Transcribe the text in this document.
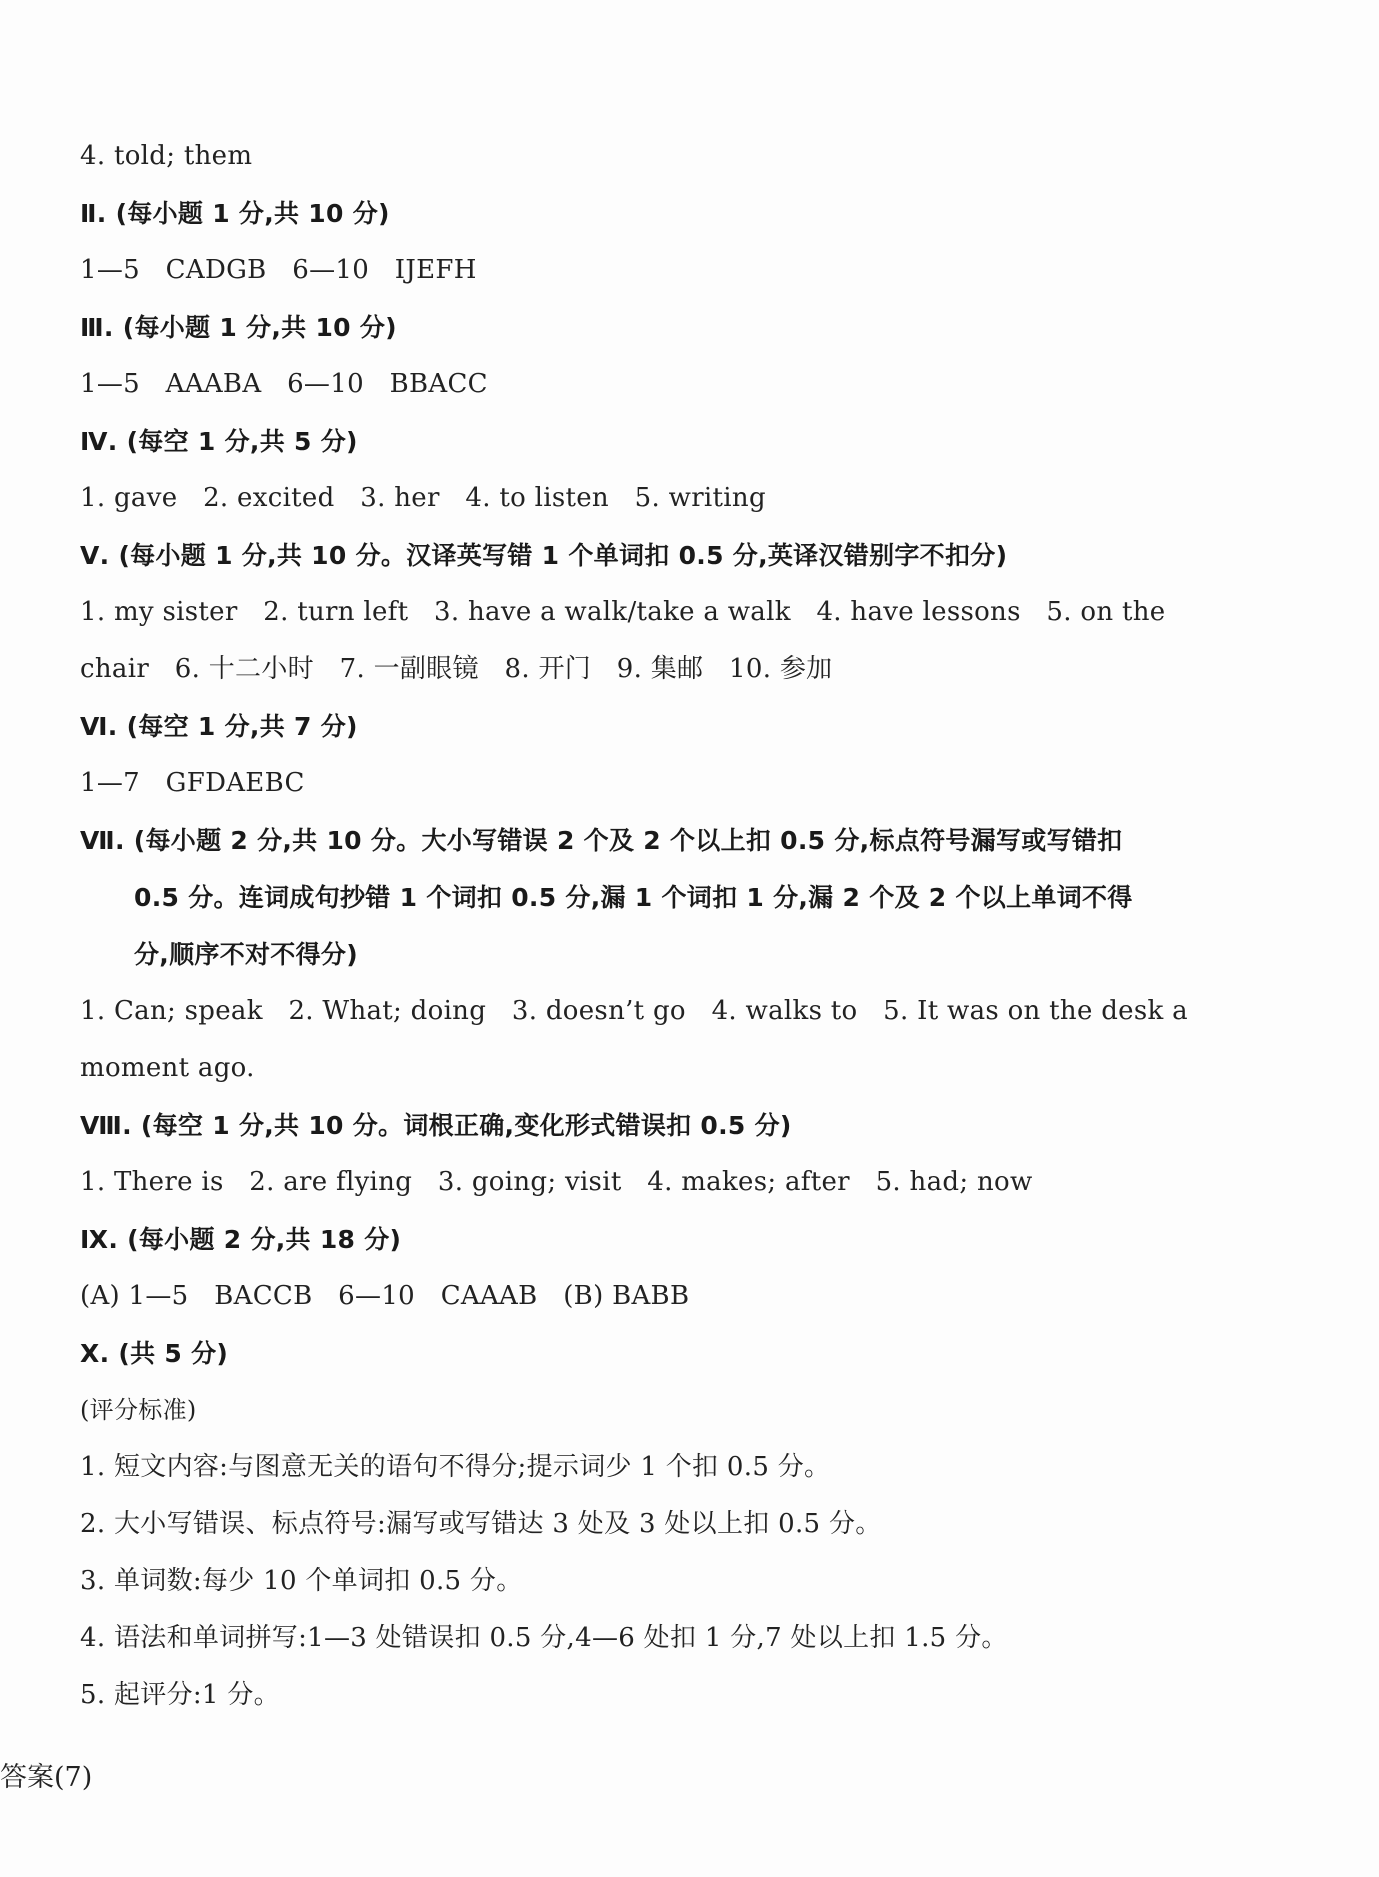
4. told; them
Ⅱ. (每小题 1 分,共 10 分)
1—5   CADGB   6—10   IJEFH
Ⅲ. (每小题 1 分,共 10 分)
1—5   AAABA   6—10   BBACC
Ⅳ. (每空 1 分,共 5 分)
1. gave   2. excited   3. her   4. to listen   5. writing
Ⅴ. (每小题 1 分,共 10 分。汉译英写错 1 个单词扣 0.5 分,英译汉错别字不扣分)
1. my sister   2. turn left   3. have a walk/take a walk   4. have lessons   5. on the
chair   6. 十二小时   7. 一副眼镜   8. 开门   9. 集邮   10. 参加
Ⅵ. (每空 1 分,共 7 分)
1—7   GFDAEBC
Ⅶ. (每小题 2 分,共 10 分。大小写错误 2 个及 2 个以上扣 0.5 分,标点符号漏写或写错扣
0.5 分。连词成句抄错 1 个词扣 0.5 分,漏 1 个词扣 1 分,漏 2 个及 2 个以上单词不得
分,顺序不对不得分)
1. Can; speak   2. What; doing   3. doesn’t go   4. walks to   5. It was on the desk a
moment ago.
Ⅷ. (每空 1 分,共 10 分。词根正确,变化形式错误扣 0.5 分)
1. There is   2. are flying   3. going; visit   4. makes; after   5. had; now
Ⅸ. (每小题 2 分,共 18 分)
(A) 1—5   BACCB   6—10   CAAAB   (B) BABB
Ⅹ. (共 5 分)
(评分标准)
1. 短文内容:与图意无关的语句不得分;提示词少 1 个扣 0.5 分。
2. 大小写错误、标点符号:漏写或写错达 3 处及 3 处以上扣 0.5 分。
3. 单词数:每少 10 个单词扣 0.5 分。
4. 语法和单词拼写:1—3 处错误扣 0.5 分,4—6 处扣 1 分,7 处以上扣 1.5 分。
5. 起评分:1 分。
答案(7)
